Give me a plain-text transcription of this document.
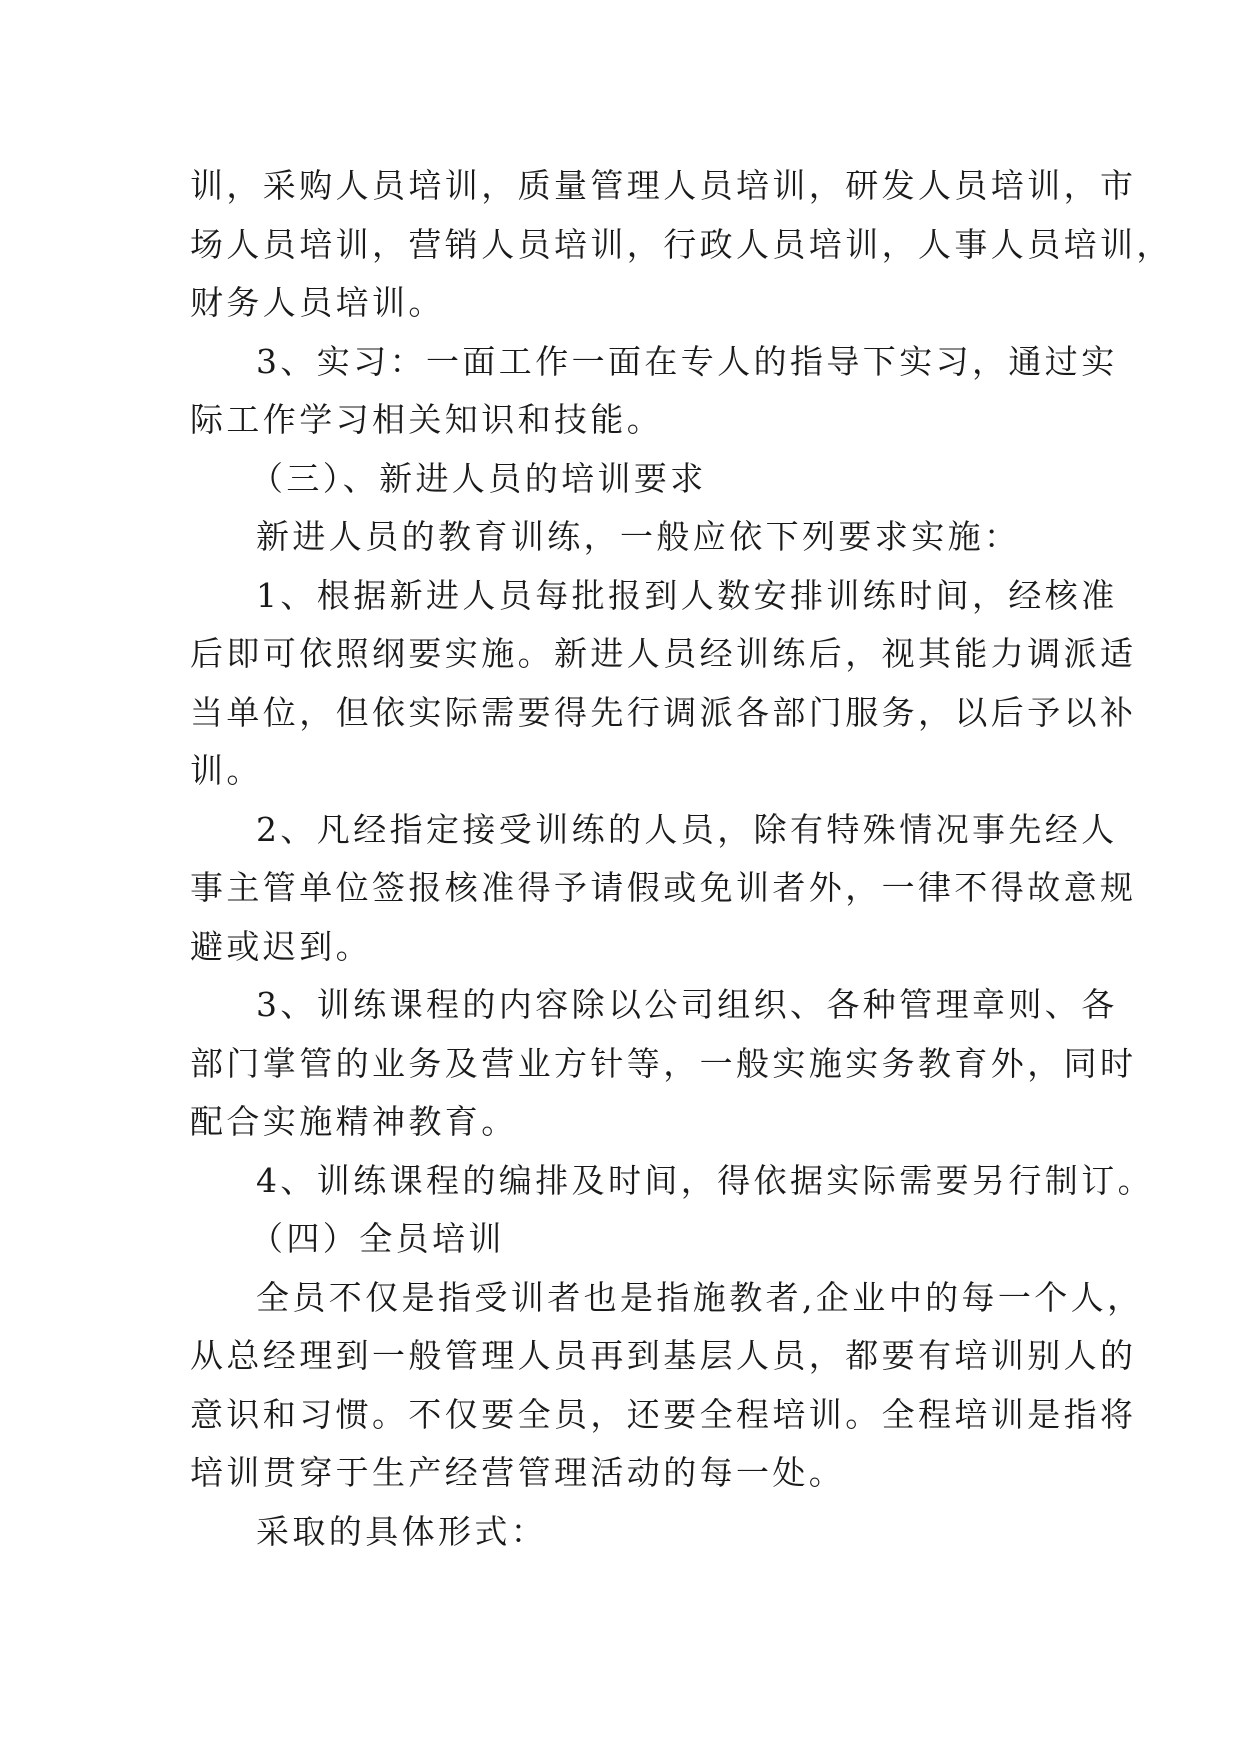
训，采购人员培训，质量管理人员培训，研发人员培训，市
场人员培训，营销人员培训，行政人员培训，人事人员培训，
财务人员培训。
3、实习：一面工作一面在专人的指导下实习，通过实
际工作学习相关知识和技能。
（三）、新进人员的培训要求
新进人员的教育训练，一般应依下列要求实施：
1、根据新进人员每批报到人数安排训练时间，经核准
后即可依照纲要实施。新进人员经训练后，视其能力调派适
当单位，但依实际需要得先行调派各部门服务，以后予以补
训。
2、凡经指定接受训练的人员，除有特殊情况事先经人
事主管单位签报核准得予请假或免训者外，一律不得故意规
避或迟到。
3、训练课程的内容除以公司组织、各种管理章则、各
部门掌管的业务及营业方针等，一般实施实务教育外，同时
配合实施精神教育。
4、训练课程的编排及时间，得依据实际需要另行制订。
（四）全员培训
全员不仅是指受训者也是指施教者,企业中的每一个人，
从总经理到一般管理人员再到基层人员，都要有培训别人的
意识和习惯。不仅要全员，还要全程培训。全程培训是指将
培训贯穿于生产经营管理活动的每一处。
采取的具体形式：
